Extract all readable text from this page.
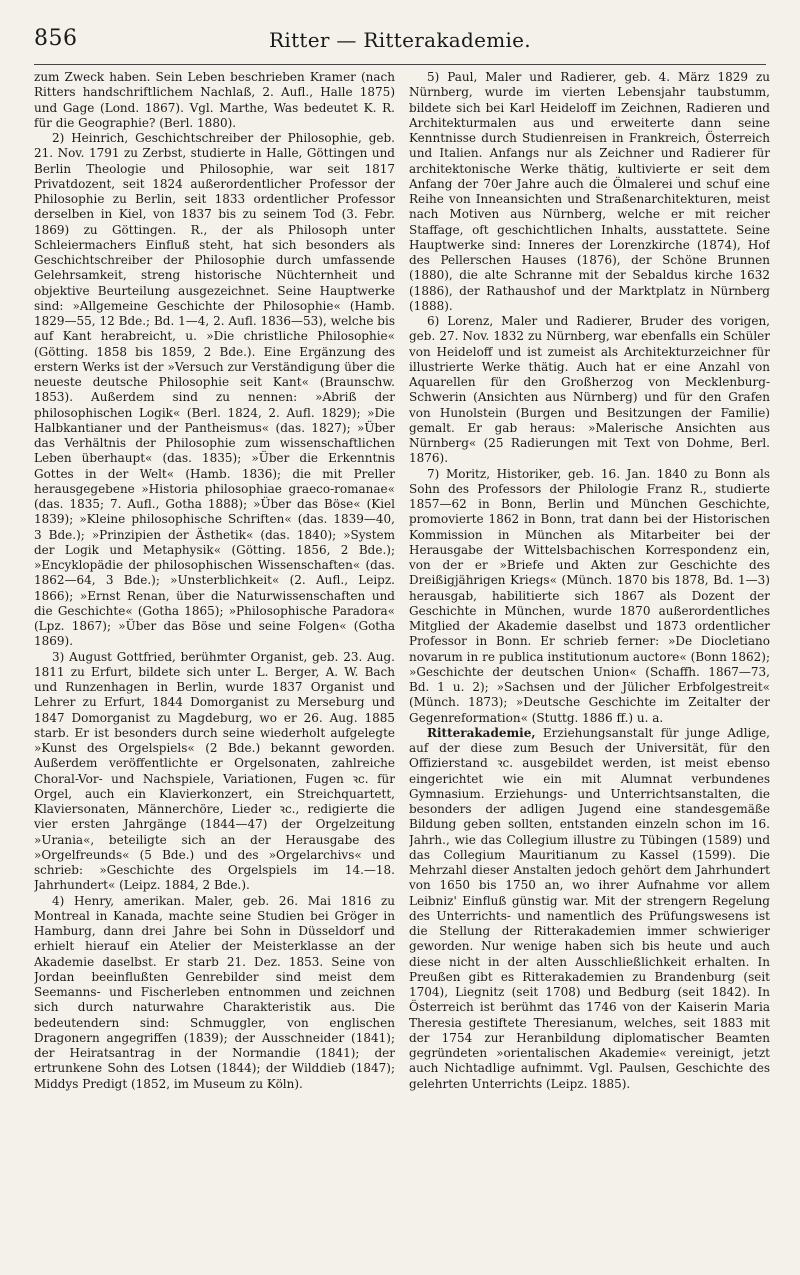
856	Ritter — Ritterakademie.

zum Zweck haben. Sein Leben beschrieben Kramer (nach Ritters handschriftlichem Nachlaß, 2. Aufl., Halle 1875) und Gage (Lond. 1867). Vgl. Marthe, Was bedeutet K. R. für die Geographie? (Berl. 1880).

2) Heinrich, Geschichtschreiber der Philosophie, geb. 21. Nov. 1791 zu Zerbst, studierte in Halle, Göttingen und Berlin Theologie und Philosophie, war seit 1817 Privatdozent, seit 1824 außerordentlicher Professor der Philosophie zu Berlin, seit 1833 ordentlicher Professor derselben in Kiel, von 1837 bis zu seinem Tod (3. Febr. 1869) zu Göttingen. R., der als Philosoph unter Schleiermachers Einfluß steht, hat sich besonders als Geschichtschreiber der Philosophie durch umfassende Gelehrsamkeit, streng historische Nüchternheit und objektive Beurteilung ausgezeichnet. Seine Hauptwerke sind: »Allgemeine Geschichte der Philosophie« (Hamb. 1829—55, 12 Bde.; Bd. 1—4, 2. Aufl. 1836—53), welche bis auf Kant herabreicht, u. »Die christliche Philosophie« (Götting. 1858 bis 1859, 2 Bde.). Eine Ergänzung des erstern Werks ist der »Versuch zur Verständigung über die neueste deutsche Philosophie seit Kant« (Braunschw. 1853). Außerdem sind zu nennen: »Abriß der philosophischen Logik« (Berl. 1824, 2. Aufl. 1829); »Die Halbkantianer und der Pantheismus« (das. 1827); »Über das Verhältnis der Philosophie zum wissenschaftlichen Leben überhaupt« (das. 1835); »Über die Erkenntnis Gottes in der Welt« (Hamb. 1836); die mit Preller herausgegebene »Historia philosophiae graeco-romanae« (das. 1835; 7. Aufl., Gotha 1888); »Über das Böse« (Kiel 1839); »Kleine philosophische Schriften« (das. 1839—40, 3 Bde.); »Prinzipien der Ästhetik« (das. 1840); »System der Logik und Metaphysik« (Götting. 1856, 2 Bde.); »Encyklopädie der philosophischen Wissenschaften« (das. 1862—64, 3 Bde.); »Unsterblichkeit« (2. Aufl., Leipz. 1866); »Ernst Renan, über die Naturwissenschaften und die Geschichte« (Gotha 1865); »Philosophische Paradora« (Lpz. 1867); »Über das Böse und seine Folgen« (Gotha 1869).

3) August Gottfried, berühmter Organist, geb. 23. Aug. 1811 zu Erfurt, bildete sich unter L. Berger, A. W. Bach und Runzenhagen in Berlin, wurde 1837 Organist und Lehrer zu Erfurt, 1844 Domorganist zu Merseburg und 1847 Domorganist zu Magdeburg, wo er 26. Aug. 1885 starb. Er ist besonders durch seine wiederholt aufgelegte »Kunst des Orgelspiels« (2 Bde.) bekannt geworden. Außerdem veröffentlichte er Orgelsonaten, zahlreiche Choral-Vor- und Nachspiele, Variationen, Fugen ꝛc. für Orgel, auch ein Klavierkonzert, ein Streichquartett, Klaviersonaten, Männerchöre, Lieder ꝛc., redigierte die vier ersten Jahrgänge (1844—47) der Orgelzeitung »Urania«, beteiligte sich an der Herausgabe des »Orgelfreunds« (5 Bde.) und des »Orgelarchivs« und schrieb: »Geschichte des Orgelspiels im 14.—18. Jahrhundert« (Leipz. 1884, 2 Bde.).

4) Henry, amerikan. Maler, geb. 26. Mai 1816 zu Montreal in Kanada, machte seine Studien bei Gröger in Hamburg, dann drei Jahre bei Sohn in Düsseldorf und erhielt hierauf ein Atelier der Meisterklasse an der Akademie daselbst. Er starb 21. Dez. 1853. Seine von Jordan beeinflußten Genrebilder sind meist dem Seemanns- und Fischerleben entnommen und zeichnen sich durch naturwahre Charakteristik aus. Die bedeutendern sind: Schmuggler, von englischen Dragonern angegriffen (1839); der Ausschneider (1841); der Heiratsantrag in der Normandie (1841); der ertrunkene Sohn des Lotsen (1844); der Wilddieb (1847); Middys Predigt (1852, im Museum zu Köln).

5) Paul, Maler und Radierer, geb. 4. März 1829 zu Nürnberg, wurde im vierten Lebensjahr taubstumm, bildete sich bei Karl Heideloff im Zeichnen, Radieren und Architekturmalen aus und erweiterte dann seine Kenntnisse durch Studienreisen in Frankreich, Österreich und Italien. Anfangs nur als Zeichner und Radierer für architektonische Werke thätig, kultivierte er seit dem Anfang der 70er Jahre auch die Ölmalerei und schuf eine Reihe von Inneansichten und Straßenarchitekturen, meist nach Motiven aus Nürnberg, welche er mit reicher Staffage, oft geschichtlichen Inhalts, ausstattete. Seine Hauptwerke sind: Inneres der Lorenzkirche (1874), Hof des Pellerschen Hauses (1876), der Schöne Brunnen (1880), die alte Schranne mit der Sebaldus kirche 1632 (1886), der Rathaushof und der Marktplatz in Nürnberg (1888).

6) Lorenz, Maler und Radierer, Bruder des vorigen, geb. 27. Nov. 1832 zu Nürnberg, war ebenfalls ein Schüler von Heideloff und ist zumeist als Architekturzeichner für illustrierte Werke thätig. Auch hat er eine Anzahl von Aquarellen für den Großherzog von Mecklenburg-Schwerin (Ansichten aus Nürnberg) und für den Grafen von Hunolstein (Burgen und Besitzungen der Familie) gemalt. Er gab heraus: »Malerische Ansichten aus Nürnberg« (25 Radierungen mit Text von Dohme, Berl. 1876).

7) Moritz, Historiker, geb. 16. Jan. 1840 zu Bonn als Sohn des Professors der Philologie Franz R., studierte 1857—62 in Bonn, Berlin und München Geschichte, promovierte 1862 in Bonn, trat dann bei der Historischen Kommission in München als Mitarbeiter bei der Herausgabe der Wittelsbachischen Korrespondenz ein, von der er »Briefe und Akten zur Geschichte des Dreißigjährigen Kriegs« (Münch. 1870 bis 1878, Bd. 1—3) herausgab, habilitierte sich 1867 als Dozent der Geschichte in München, wurde 1870 außerordentliches Mitglied der Akademie daselbst und 1873 ordentlicher Professor in Bonn. Er schrieb ferner: »De Diocletiano novarum in re publica institutionum auctore« (Bonn 1862); »Geschichte der deutschen Union« (Schaffh. 1867—73, Bd. 1 u. 2); »Sachsen und der Jülicher Erbfolgestreit« (Münch. 1873); »Deutsche Geschichte im Zeitalter der Gegenreformation« (Stuttg. 1886 ff.) u. a.

Ritterakademie, Erziehungsanstalt für junge Adlige, auf der diese zum Besuch der Universität, für den Offizierstand ꝛc. ausgebildet werden, ist meist ebenso eingerichtet wie ein mit Alumnat verbundenes Gymnasium. Erziehungs- und Unterrichtsanstalten, die besonders der adligen Jugend eine standesgemäße Bildung geben sollten, entstanden einzeln schon im 16. Jahrh., wie das Collegium illustre zu Tübingen (1589) und das Collegium Mauritianum zu Kassel (1599). Die Mehrzahl dieser Anstalten jedoch gehört dem Jahrhundert von 1650 bis 1750 an, wo ihrer Aufnahme vor allem Leibniz' Einfluß günstig war. Mit der strengern Regelung des Unterrichts- und namentlich des Prüfungswesens ist die Stellung der Ritterakademien immer schwieriger geworden. Nur wenige haben sich bis heute und auch diese nicht in der alten Ausschließlichkeit erhalten. In Preußen gibt es Ritterakademien zu Brandenburg (seit 1704), Liegnitz (seit 1708) und Bedburg (seit 1842). In Österreich ist berühmt das 1746 von der Kaiserin Maria Theresia gestiftete Theresianum, welches, seit 1883 mit der 1754 zur Heranbildung diplomatischer Beamten gegründeten »orientalischen Akademie« vereinigt, jetzt auch Nichtadlige aufnimmt. Vgl. Paulsen, Geschichte des gelehrten Unterrichts (Leipz. 1885).
